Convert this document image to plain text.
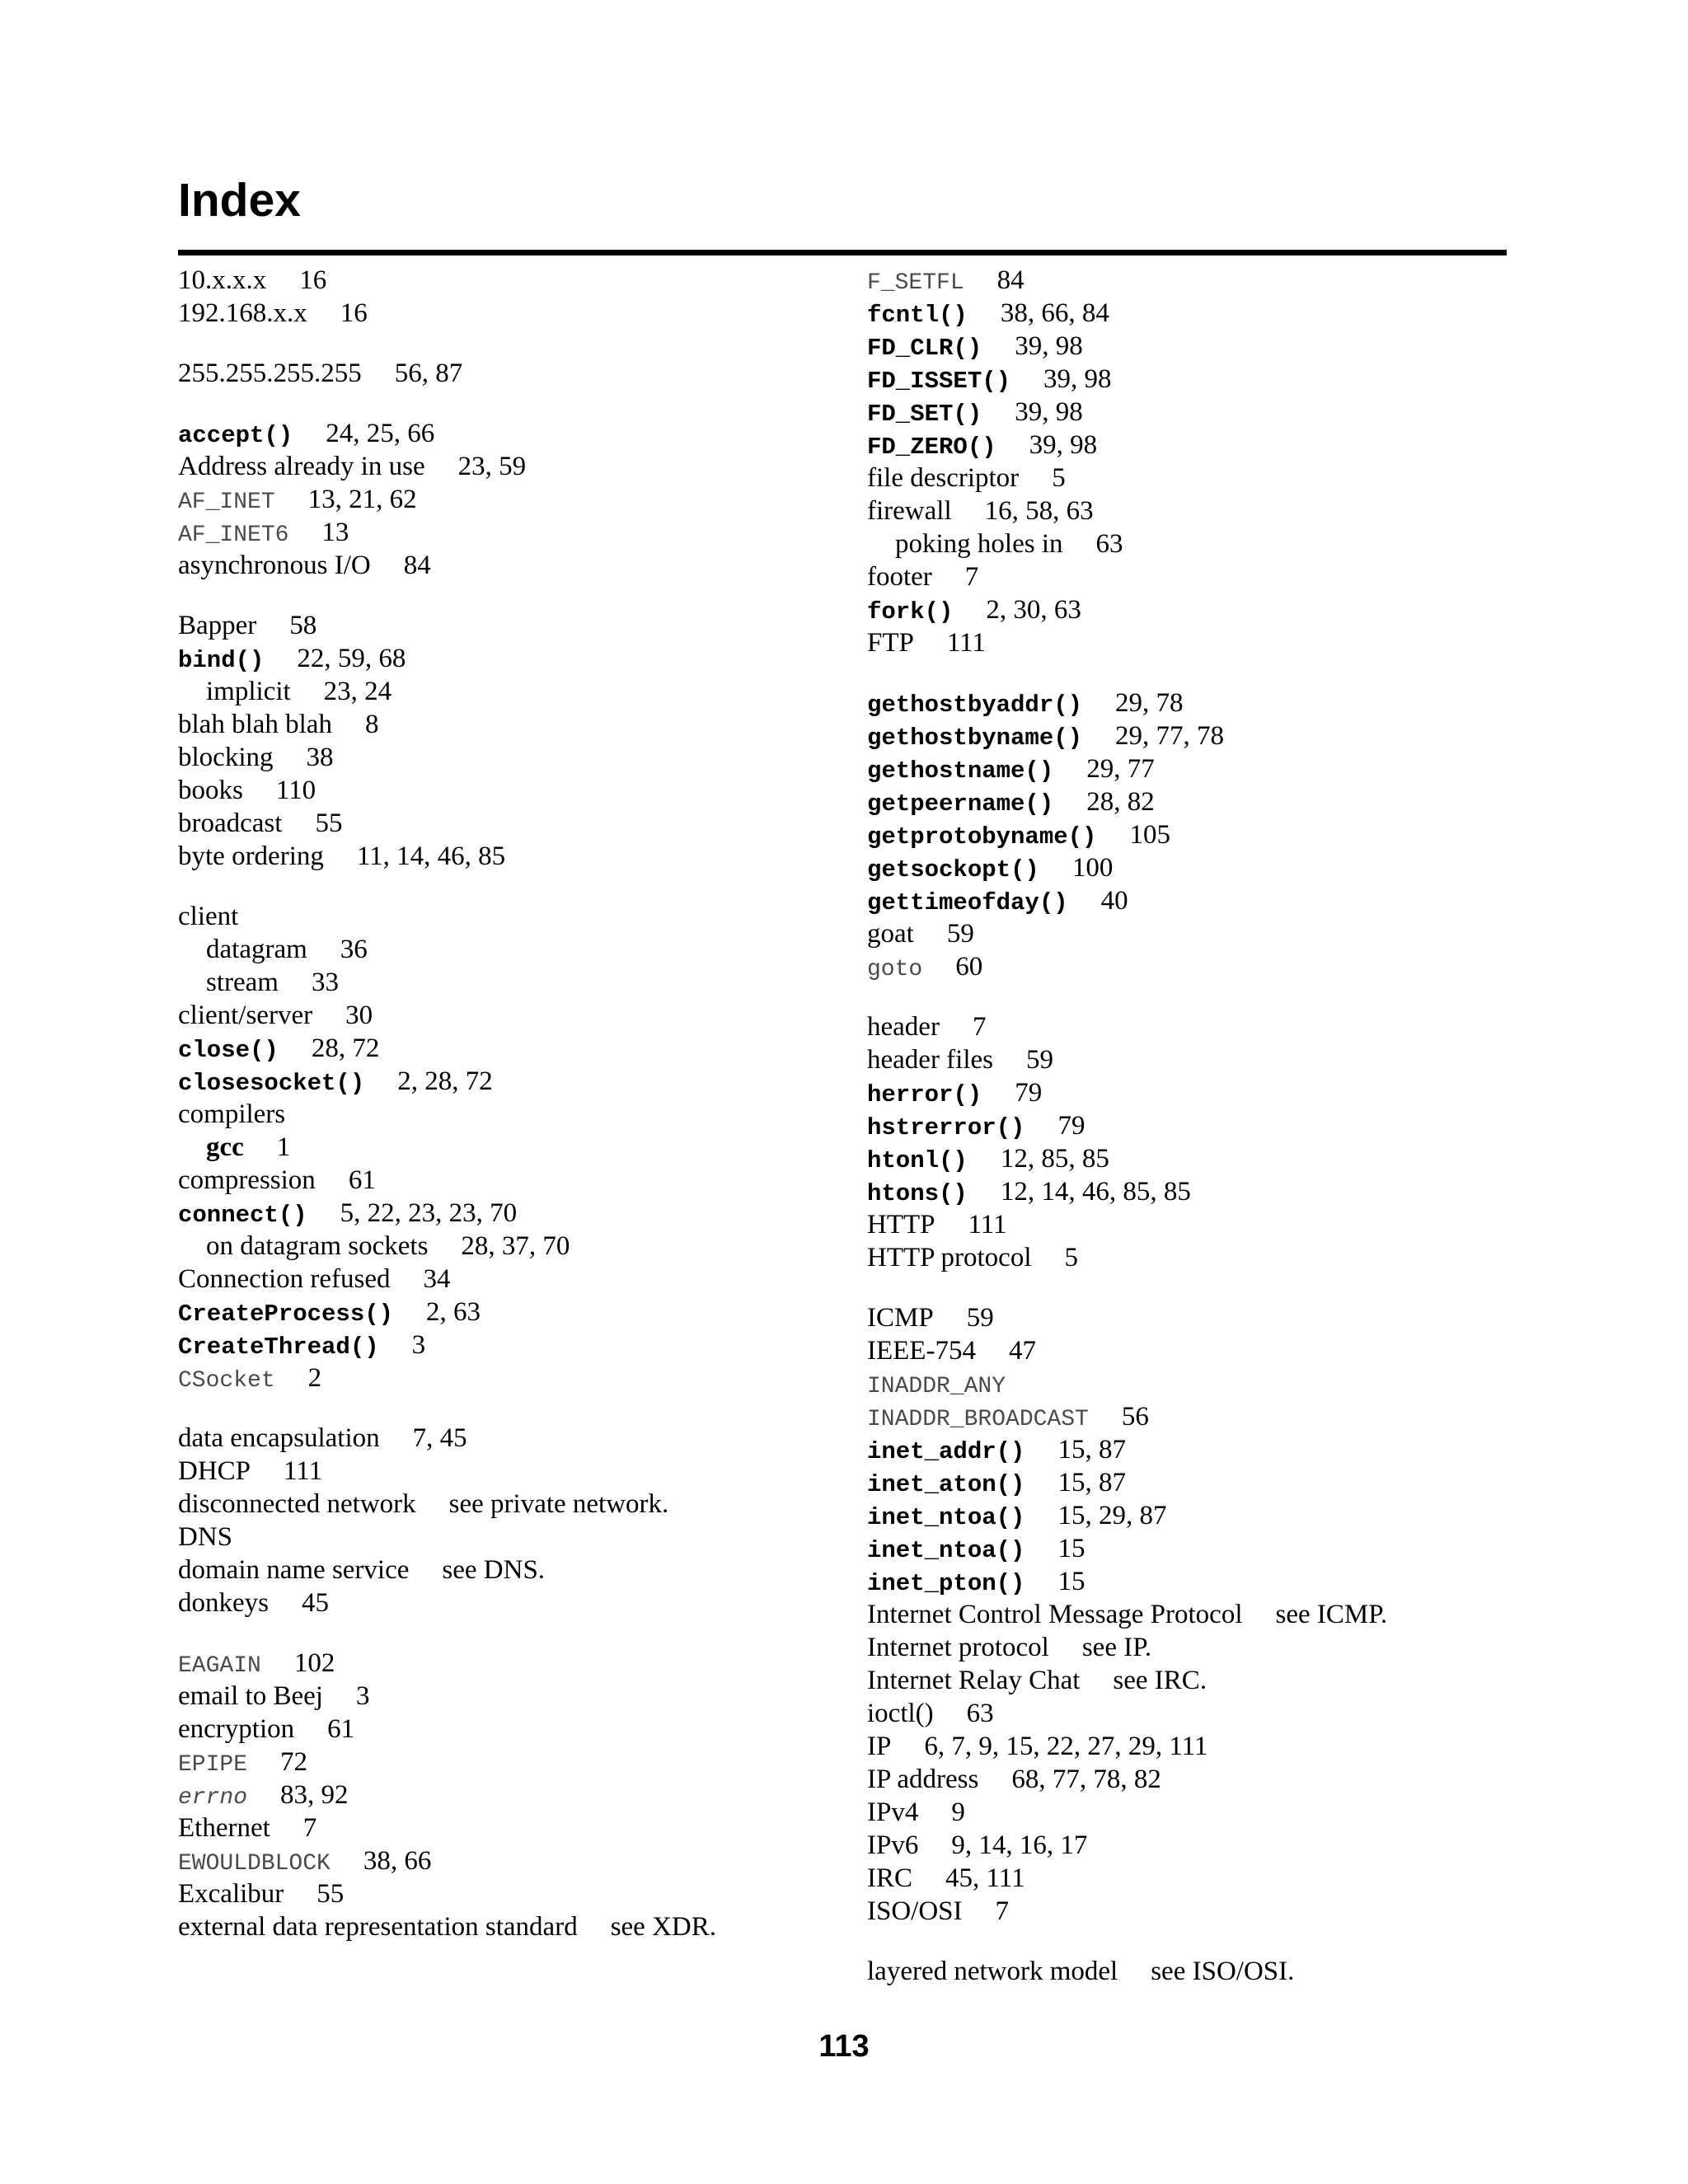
Index
10.x.x.x 16
192.168.x.x 16
255.255.255.255 56, 87
accept() 24, 25, 66
Address already in use 23, 59
AF_INET 13, 21, 62
AF_INET6 13
asynchronous I/O 84
Bapper 58
bind() 22, 59, 68
implicit 23, 24
blah blah blah 8
blocking 38
books 110
broadcast 55
byte ordering 11, 14, 46, 85
client
datagram 36
stream 33
client/server 30
close() 28, 72
closesocket() 2, 28, 72
compilers
gcc 1
compression 61
connect() 5, 22, 23, 23, 70
on datagram sockets 28, 37, 70
Connection refused 34
CreateProcess() 2, 63
CreateThread() 3
CSocket 2
data encapsulation 7, 45
DHCP 111
disconnected network see private network.
DNS
domain name service see DNS.
donkeys 45
EAGAIN 102
email to Beej 3
encryption 61
EPIPE 72
errno 83, 92
Ethernet 7
EWOULDBLOCK 38, 66
Excalibur 55
external data representation standard see XDR.
F_SETFL 84
fcntl() 38, 66, 84
FD_CLR() 39, 98
FD_ISSET() 39, 98
FD_SET() 39, 98
FD_ZERO() 39, 98
file descriptor 5
firewall 16, 58, 63
poking holes in 63
footer 7
fork() 2, 30, 63
FTP 111
gethostbyaddr() 29, 78
gethostbyname() 29, 77, 78
gethostname() 29, 77
getpeername() 28, 82
getprotobyname() 105
getsockopt() 100
gettimeofday() 40
goat 59
goto 60
header 7
header files 59
herror() 79
hstrerror() 79
htonl() 12, 85, 85
htons() 12, 14, 46, 85, 85
HTTP 111
HTTP protocol 5
ICMP 59
IEEE-754 47
INADDR_ANY
INADDR_BROADCAST 56
inet_addr() 15, 87
inet_aton() 15, 87
inet_ntoa() 15, 29, 87
inet_ntoa() 15
inet_pton() 15
Internet Control Message Protocol see ICMP.
Internet protocol see IP.
Internet Relay Chat see IRC.
ioctl() 63
IP 6, 7, 9, 15, 22, 27, 29, 111
IP address 68, 77, 78, 82
IPv4 9
IPv6 9, 14, 16, 17
IRC 45, 111
ISO/OSI 7
layered network model see ISO/OSI.
113
